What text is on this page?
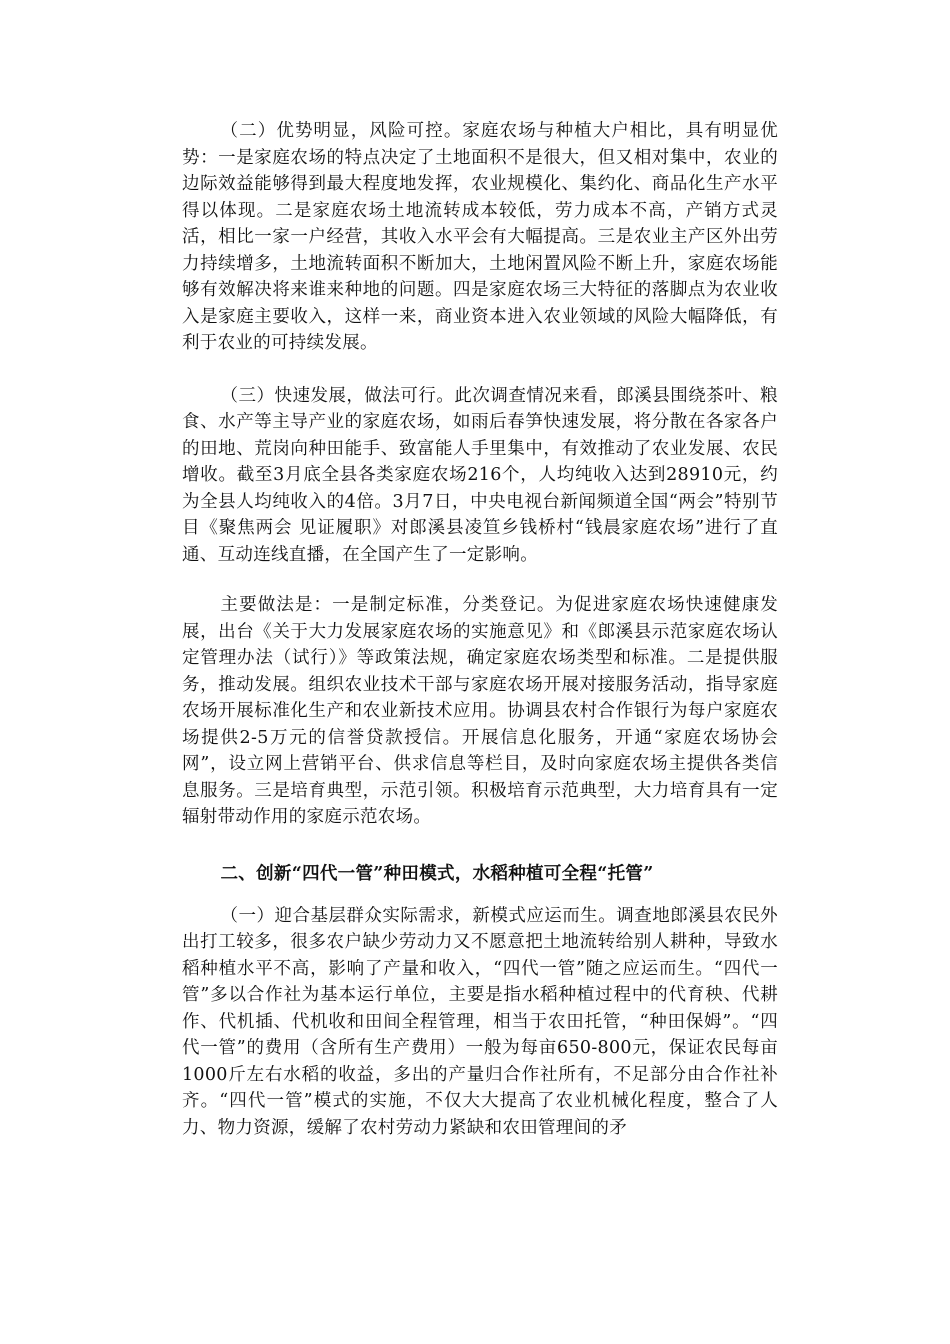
（二）优势明显，风险可控。家庭农场与种植大户相比，具有明显优势：一是家庭农场的特点决定了土地面积不是很大，但又相对集中，农业的边际效益能够得到最大程度地发挥，农业规模化、集约化、商品化生产水平得以体现。二是家庭农场土地流转成本较低，劳力成本不高，产销方式灵活，相比一家一户经营，其收入水平会有大幅提高。三是农业主产区外出劳力持续增多，土地流转面积不断加大，土地闲置风险不断上升，家庭农场能够有效解决将来谁来种地的问题。四是家庭农场三大特征的落脚点为农业收入是家庭主要收入，这样一来，商业资本进入农业领域的风险大幅降低，有利于农业的可持续发展。

（三）快速发展，做法可行。此次调查情况来看，郎溪县围绕茶叶、粮食、水产等主导产业的家庭农场，如雨后春笋快速发展，将分散在各家各户的田地、荒岗向种田能手、致富能人手里集中，有效推动了农业发展、农民增收。截至3月底全县各类家庭农场216个，人均纯收入达到28910元，约为全县人均纯收入的4倍。3月7日，中央电视台新闻频道全国“两会”特别节目《聚焦两会 见证履职》对郎溪县凌笪乡钱桥村“钱晨家庭农场”进行了直通、互动连线直播，在全国产生了一定影响。

主要做法是：一是制定标准，分类登记。为促进家庭农场快速健康发展，出台《关于大力发展家庭农场的实施意见》和《郎溪县示范家庭农场认定管理办法（试行）》等政策法规，确定家庭农场类型和标准。二是提供服务，推动发展。组织农业技术干部与家庭农场开展对接服务活动，指导家庭农场开展标准化生产和农业新技术应用。协调县农村合作银行为每户家庭农场提供2-5万元的信誉贷款授信。开展信息化服务，开通“家庭农场协会网”，设立网上营销平台、供求信息等栏目，及时向家庭农场主提供各类信息服务。三是培育典型，示范引领。积极培育示范典型，大力培育具有一定辐射带动作用的家庭示范农场。

二、创新“四代一管”种田模式，水稻种植可全程“托管”

（一）迎合基层群众实际需求，新模式应运而生。调查地郎溪县农民外出打工较多，很多农户缺少劳动力又不愿意把土地流转给别人耕种，导致水稻种植水平不高，影响了产量和收入，“四代一管”随之应运而生。“四代一管”多以合作社为基本运行单位，主要是指水稻种植过程中的代育秧、代耕作、代机插、代机收和田间全程管理，相当于农田托管，“种田保姆”。“四代一管”的费用（含所有生产费用）一般为每亩650-800元，保证农民每亩1000斤左右水稻的收益，多出的产量归合作社所有，不足部分由合作社补齐。“四代一管”模式的实施，不仅大大提高了农业机械化程度，整合了人力、物力资源，缓解了农村劳动力紧缺和农田管理间的矛
